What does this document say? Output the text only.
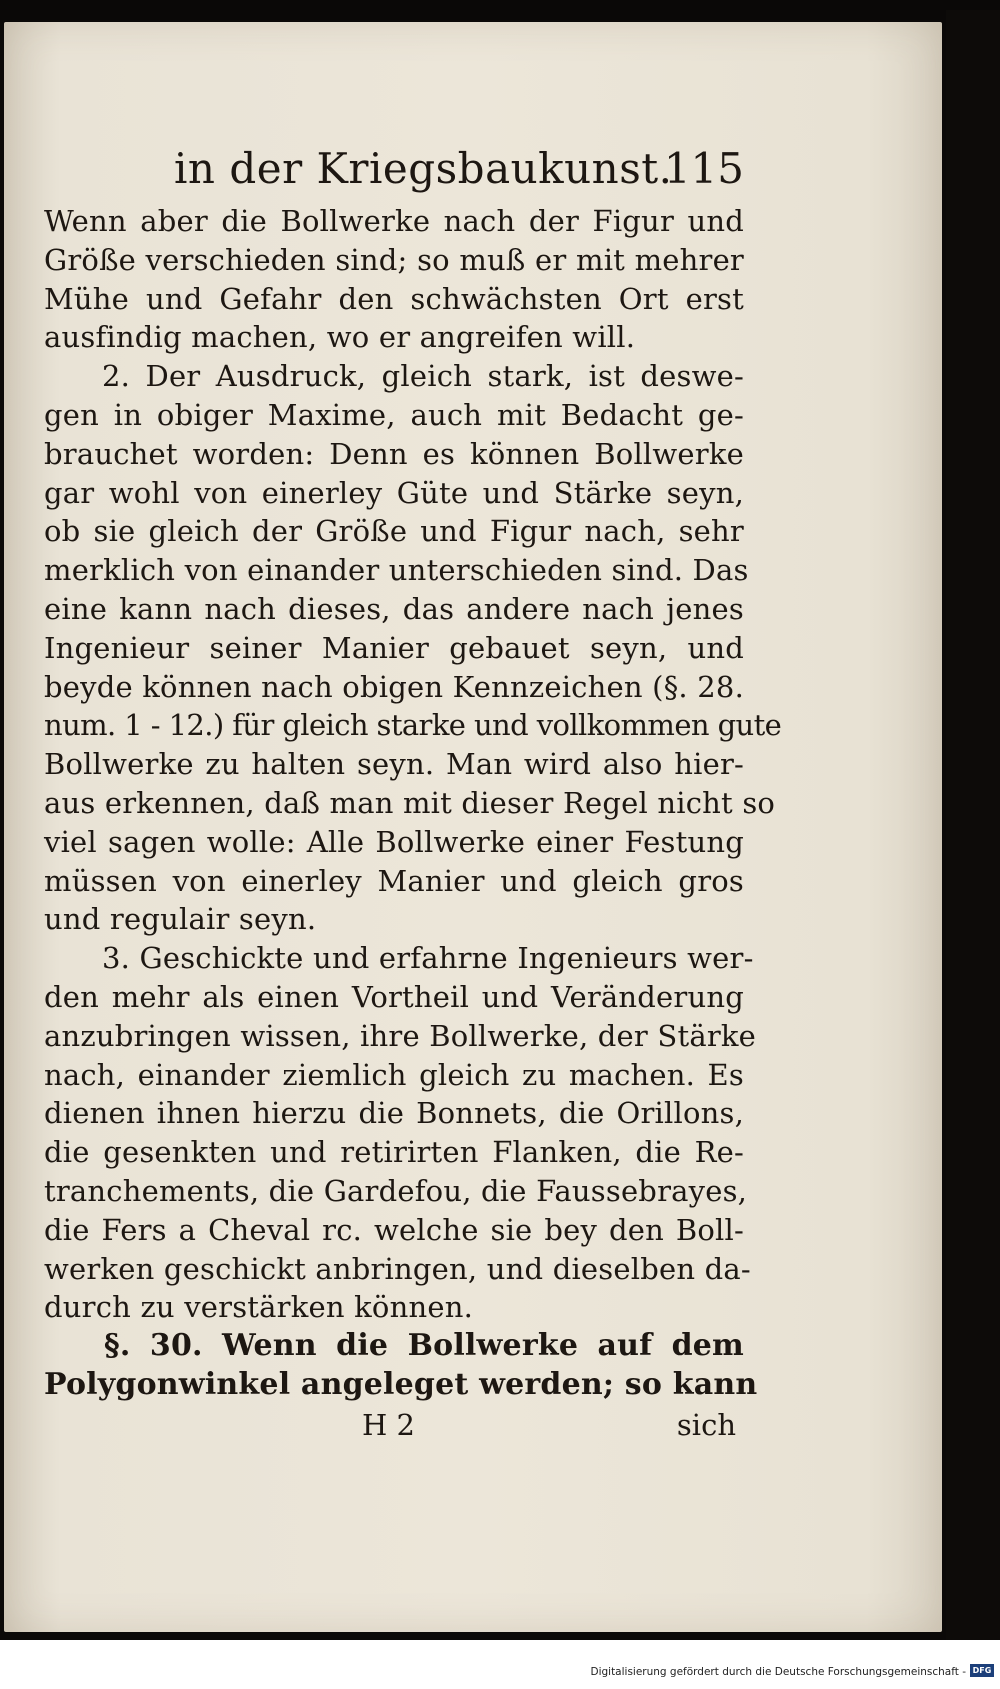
in der Kriegsbaukunst.
115
Wenn aber die Bollwerke nach der Figur und
Größe verschieden sind; so muß er mit mehrer
Mühe und Gefahr den schwächsten Ort erst
ausfindig machen, wo er angreifen will.
2. Der Ausdruck, gleich stark, ist deswe-
gen in obiger Maxime, auch mit Bedacht ge-
brauchet worden: Denn es können Bollwerke
gar wohl von einerley Güte und Stärke seyn,
ob sie gleich der Größe und Figur nach, sehr
merklich von einander unterschieden sind. Das
eine kann nach dieses, das andere nach jenes
Ingenieur seiner Manier gebauet seyn, und
beyde können nach obigen Kennzeichen (§. 28.
num. 1 - 12.) für gleich starke und vollkommen gute
Bollwerke zu halten seyn. Man wird also hier-
aus erkennen, daß man mit dieser Regel nicht so
viel sagen wolle: Alle Bollwerke einer Festung
müssen von einerley Manier und gleich gros
und regulair seyn.
3. Geschickte und erfahrne Ingenieurs wer-
den mehr als einen Vortheil und Veränderung
anzubringen wissen, ihre Bollwerke, der Stärke
nach, einander ziemlich gleich zu machen. Es
dienen ihnen hierzu die Bonnets, die Orillons,
die gesenkten und retirirten Flanken, die Re-
tranchements, die Gardefou, die Faussebrayes,
die Fers a Cheval rc. welche sie bey den Boll-
werken geschickt anbringen, und dieselben da-
durch zu verstärken können.
§. 30. Wenn die Bollwerke auf dem
Polygonwinkel angeleget werden; so kann
H 2	sich
Digitalisierung gefördert durch die Deutsche Forschungsgemeinschaft - DFG
